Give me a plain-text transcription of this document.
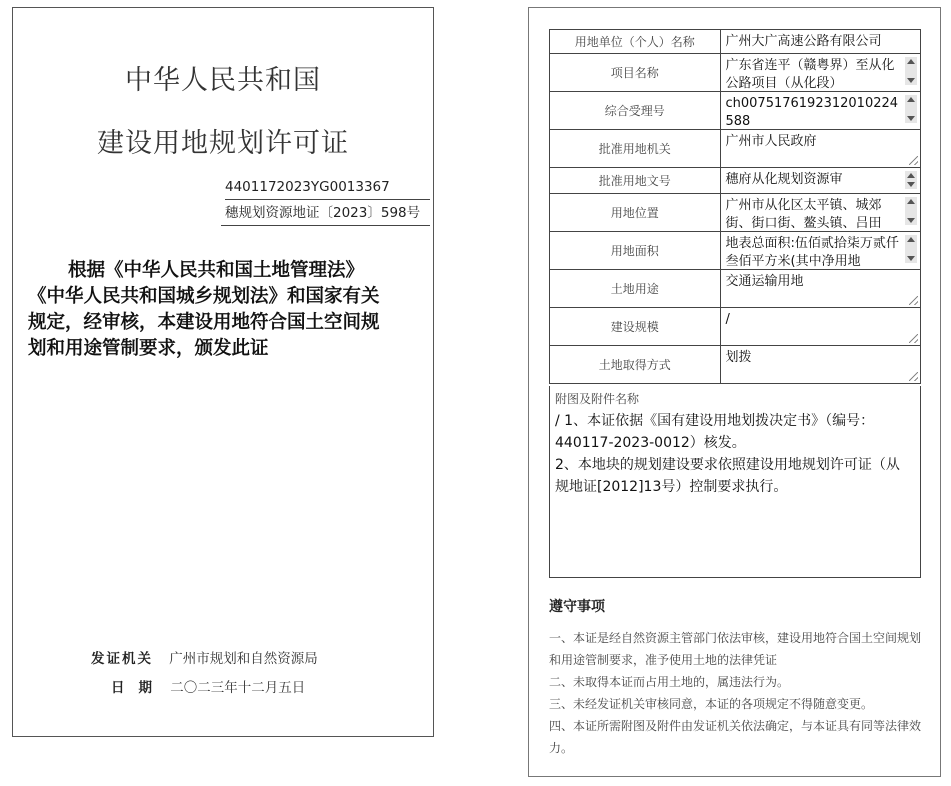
中华人民共和国
建设用地规划许可证
4401172023YG0013367
穗规划资源地证〔2023〕598号
根据《中华人民共和国土地管理法》
《中华人民共和国城乡规划法》和国家有关
规定，经审核，本建设用地符合国土空间规
划和用途管制要求，颁发此证
发证机关 广州市规划和自然资源局
日期 二〇二三年十二月五日
用地单位（个人）名称	广州大广高速公路有限公司

项目名称	广东省连平（赣粤界）至从化公路项目（从化段）

综合受理号	ch0075176192312010224588

批准用地机关	广州市人民政府

批准用地文号	穗府从化规划资源审

用地位置	广州市从化区太平镇、城郊街、街口街、鳌头镇、吕田

用地面积	地表总面积:伍佰贰拾柒万贰仟叁佰平方米(其中净用地

土地用途	交通运输用地

建设规模	/

土地取得方式	划拨
附图及附件名称

/ 1、本证依据《国有建设用地划拨决定书》（编号：440117-2023-0012）核发。

2、本地块的规划建设要求依照建设用地规划许可证（从规地证[2012]13号）控制要求执行。

遵守事项

一、本证是经自然资源主管部门依法审核，建设用地符合国土空间规划和用途管制要求，准予使用土地的法律凭证

二、未取得本证而占用土地的，属违法行为。

三、未经发证机关审核同意，本证的各项规定不得随意变更。

四、本证所需附图及附件由发证机关依法确定，与本证具有同等法律效力。
